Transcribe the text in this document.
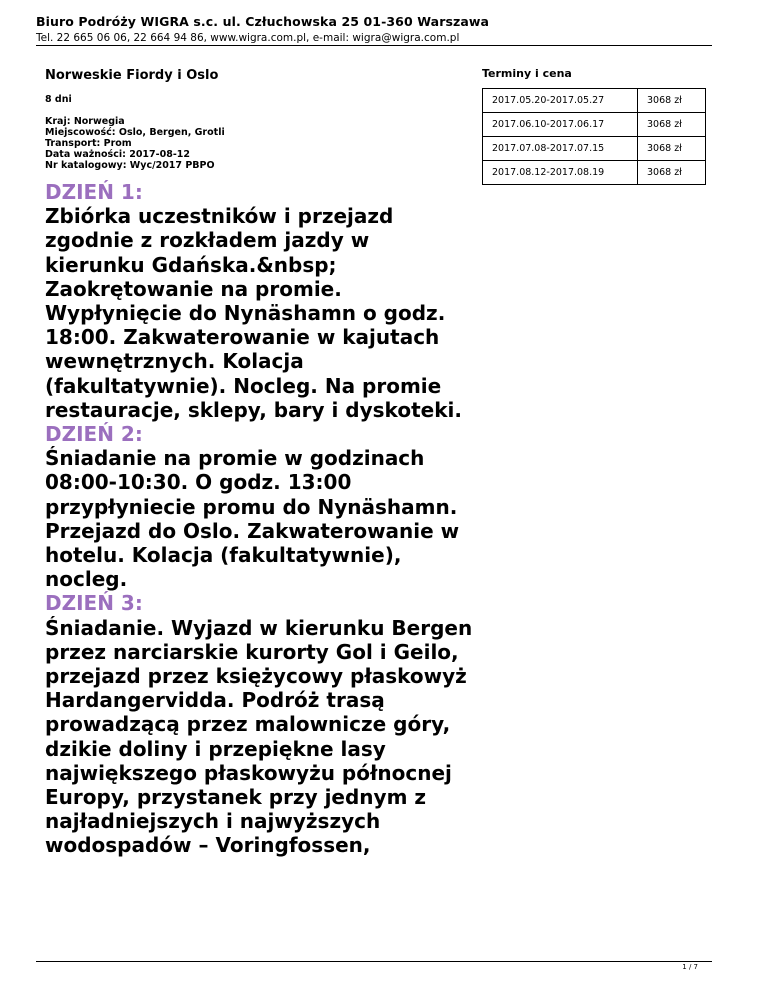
Biuro Podróży WIGRA s.c. ul. Człuchowska 25 01-360 Warszawa
Tel. 22 665 06 06, 22 664 94 86, www.wigra.com.pl, e-mail: wigra@wigra.com.pl
Norweskie Fiordy i Oslo
8 dni
Kraj: Norwegia
Miejscowość: Oslo, Bergen, Grotli
Transport: Prom
Data ważności: 2017-08-12
Nr katalogowy: Wyc/2017 PBPO
DZIEŃ 1:
Zbiórka uczestników i przejazd zgodnie z rozkładem jazdy w kierunku Gdańska.&nbsp; Zaokrętowanie na promie. Wypłynięcie do Nynäshamn o godz. 18:00. Zakwaterowanie w kajutach wewnętrznych. Kolacja (fakultatywnie). Nocleg. Na promie restauracje, sklepy, bary i dyskoteki.
DZIEŃ 2:
Śniadanie na promie w godzinach 08:00-10:30. O godz. 13:00 przypłyniecie promu do Nynäshamn. Przejazd do Oslo. Zakwaterowanie w hotelu. Kolacja (fakultatywnie), nocleg.
DZIEŃ 3:
Śniadanie. Wyjazd w kierunku Bergen przez narciarskie kurorty Gol i Geilo, przejazd przez księżycowy płaskowyż Hardangervidda. Podróż trasą prowadzącą przez malownicze góry, dzikie doliny i przepiękne lasy największego płaskowyżu północnej Europy, przystanek przy jednym z najładniejszych i najwyższych wodospadów – Voringfossen,
Terminy i cena
2017.05.20-2017.05.27	3068 zł
2017.06.10-2017.06.17	3068 zł
2017.07.08-2017.07.15	3068 zł
2017.08.12-2017.08.19	3068 zł
1 / 7
